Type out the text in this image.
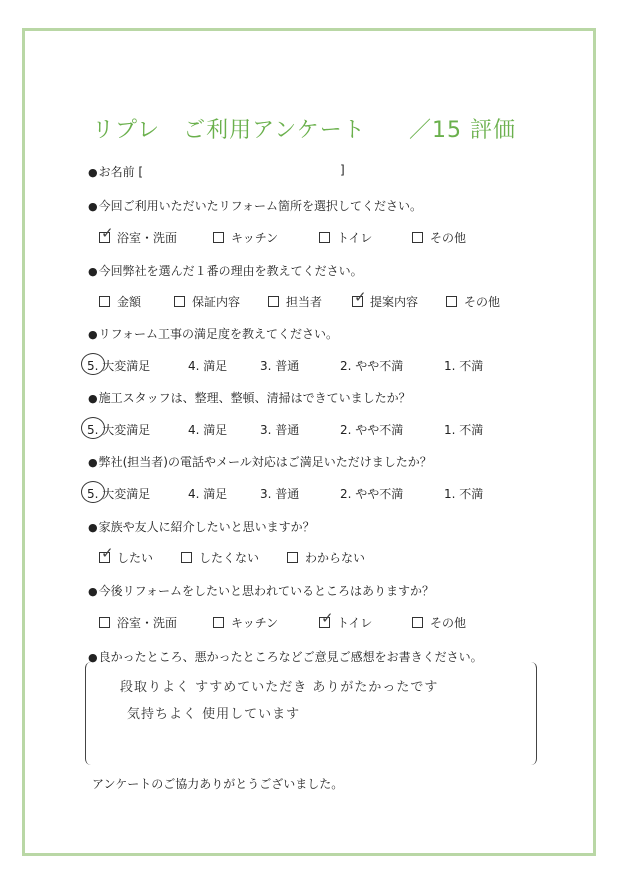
リプレ　ご利用アンケート ／15 評価
● お名前 [	]
● 今回ご利用いただいたリフォーム箇所を選択してください。
✓ 浴室・洗面	キッチン	トイレ	その他
● 今回弊社を選んだ１番の理由を教えてください。
金額	保証内容	担当者 ✓ 提案内容	その他
● リフォーム工事の満足度を教えてください。
5. 大変満足	4. 満足	3. 普通	2. やや不満	1. 不満
● 施工スタッフは、整理、整頓、清掃はできていましたか？
5. 大変満足	4. 満足	3. 普通	2. やや不満	1. 不満
● 弊社(担当者)の電話やメール対応はご満足いただけましたか？
5. 大変満足	4. 満足	3. 普通	2. やや不満	1. 不満
● 家族や友人に紹介したいと思いますか？
✓ したい	したくない	わからない
● 今後リフォームをしたいと思われているところはありますか？
浴室・洗面	キッチン	✓ トイレ	その他
● 良かったところ、悪かったところなどご意見ご感想をお書きください。
段取りよく すすめていただき ありがたかったです
気持ちよく 使用しています
アンケートのご協力ありがとうございました。
